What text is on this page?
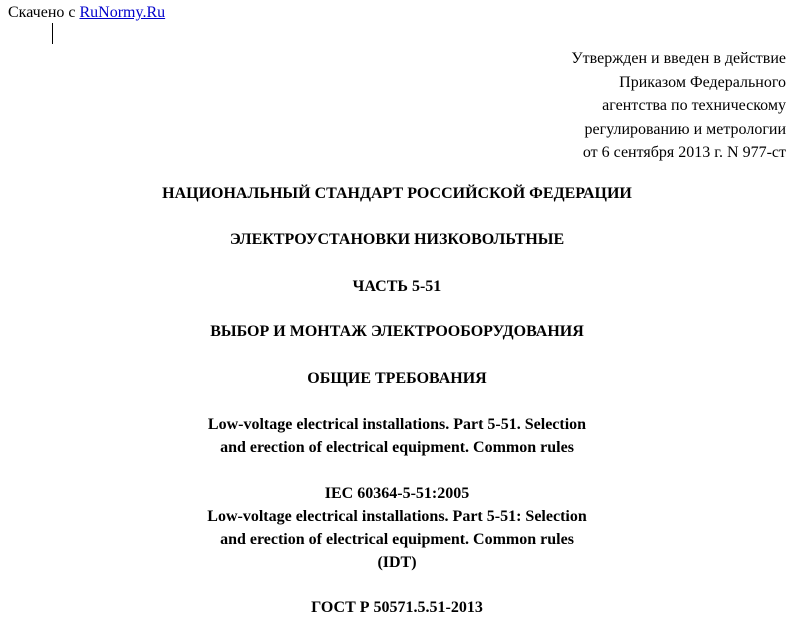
Скачено с RuNormy.Ru
Утвержден и введен в действие
Приказом Федерального
агентства по техническому
регулированию и метрологии
от 6 сентября 2013 г. N 977-ст
НАЦИОНАЛЬНЫЙ СТАНДАРТ РОССИЙСКОЙ ФЕДЕРАЦИИ
ЭЛЕКТРОУСТАНОВКИ НИЗКОВОЛЬТНЫЕ
ЧАСТЬ 5-51
ВЫБОР И МОНТАЖ ЭЛЕКТРООБОРУДОВАНИЯ
ОБЩИЕ ТРЕБОВАНИЯ
Low-voltage electrical installations. Part 5-51. Selection
and erection of electrical equipment. Common rules
IEC 60364-5-51:2005
Low-voltage electrical installations. Part 5-51: Selection
and erection of electrical equipment. Common rules
(IDT)
ГОСТ Р 50571.5.51-2013
